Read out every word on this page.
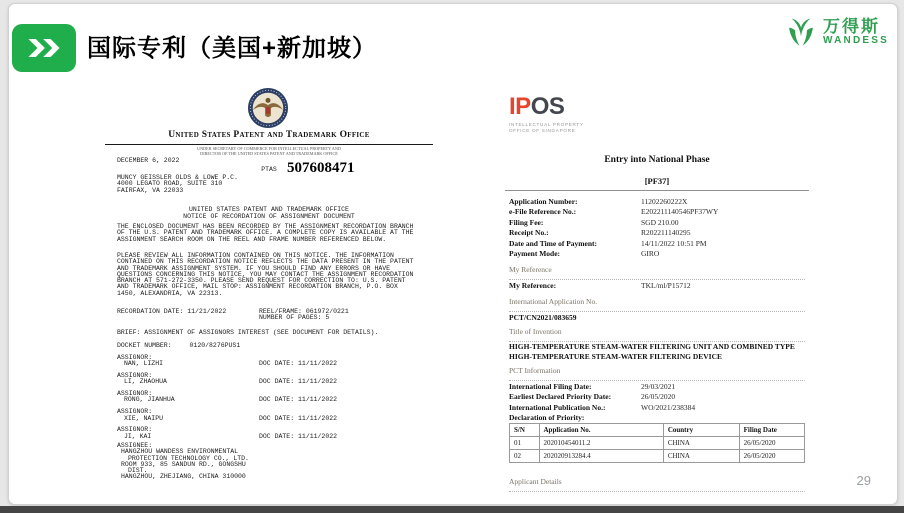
国际专利（美国+新加坡）
万得斯
WANDESS
United States Patent and Trademark Office
UNDER SECRETARY OF COMMERCE FOR INTELLECTUAL PROPERTY AND
DIRECTOR OF THE UNITED STATES PATENT AND TRADEMARK OFFICE
DECEMBER 6, 2022
PTAS
MUNCY GEISSLER OLDS & LOWE P.C.
4000 LEGATO ROAD, SUITE 310
FAIRFAX, VA 22033
507608471
UNITED STATES PATENT AND TRADEMARK OFFICE
NOTICE OF RECORDATION OF ASSIGNMENT DOCUMENT
THE ENCLOSED DOCUMENT HAS BEEN RECORDED BY THE ASSIGNMENT RECORDATION BRANCH OF THE U.S. PATENT AND TRADEMARK OFFICE. A COMPLETE COPY IS AVAILABLE AT THE ASSIGNMENT SEARCH ROOM ON THE REEL AND FRAME NUMBER REFERENCED BELOW.
PLEASE REVIEW ALL INFORMATION CONTAINED ON THIS NOTICE. THE INFORMATION CONTAINED ON THIS RECORDATION NOTICE REFLECTS THE DATA PRESENT IN THE PATENT AND TRADEMARK ASSIGNMENT SYSTEM. IF YOU SHOULD FIND ANY ERRORS OR HAVE QUESTIONS CONCERNING THIS NOTICE, YOU MAY CONTACT THE ASSIGNMENT RECORDATION BRANCH AT 571-272-3350. PLEASE SEND REQUEST FOR CORRECTION TO: U.S. PATENT AND TRADEMARK OFFICE, MAIL STOP: ASSIGNMENT RECORDATION BRANCH, P.O. BOX 1450, ALEXANDRIA, VA 22313.
RECORDATION DATE: 11/21/2022	REEL/FRAME: 061972/0221
NUMBER OF PAGES: 5
BRIEF: ASSIGNMENT OF ASSIGNORS INTEREST (SEE DOCUMENT FOR DETAILS).
DOCKET NUMBER:	0120/8276PUS1
ASSIGNOR:
NAN, LIZHI	DOC DATE: 11/11/2022
ASSIGNOR:
LI, ZHAOHUA	DOC DATE: 11/11/2022
ASSIGNOR:
RONG, JIANHUA	DOC DATE: 11/11/2022
ASSIGNOR:
XIE, NAIPU	DOC DATE: 11/11/2022
ASSIGNOR:
JI, KAI	DOC DATE: 11/11/2022
ASSIGNEE:
HANGZHOU WANDESS ENVIRONMENTAL
PROTECTION TECHNOLOGY CO., LTD.
ROOM 933, 85 SANDUN RD., GONGSHU
DIST.
HANGZHOU, ZHEJIANG, CHINA 310000
IPOS
INTELLECTUAL PROPERTY
OFFICE OF SINGAPORE
Entry into National Phase
[PF37]
Application Number:	11202260222X
e-File Reference No.:	E202211140546PF37WY
Filing Fee:	SGD 210.00
Receipt No.:	R202211140295
Date and Time of Payment:	14/11/2022 10:51 PM
Payment Mode:	GIRO
My Reference
My Reference:	TKL/ml/P15712
International Application No.
PCT/CN2021/083659
Title of Invention
HIGH-TEMPERATURE STEAM-WATER FILTERING UNIT AND COMBINED TYPE HIGH-TEMPERATURE STEAM-WATER FILTERING DEVICE
PCT Information
International Filing Date:	29/03/2021
Earliest Declared Priority Date:	26/05/2020
International Publication No.:	WO/2021/238384
Declaration of Priority:
S/N	Application No.	Country	Filing Date
01	202010454011.2	CHINA	26/05/2020
02	202020913284.4	CHINA	26/05/2020
Applicant Details	29
